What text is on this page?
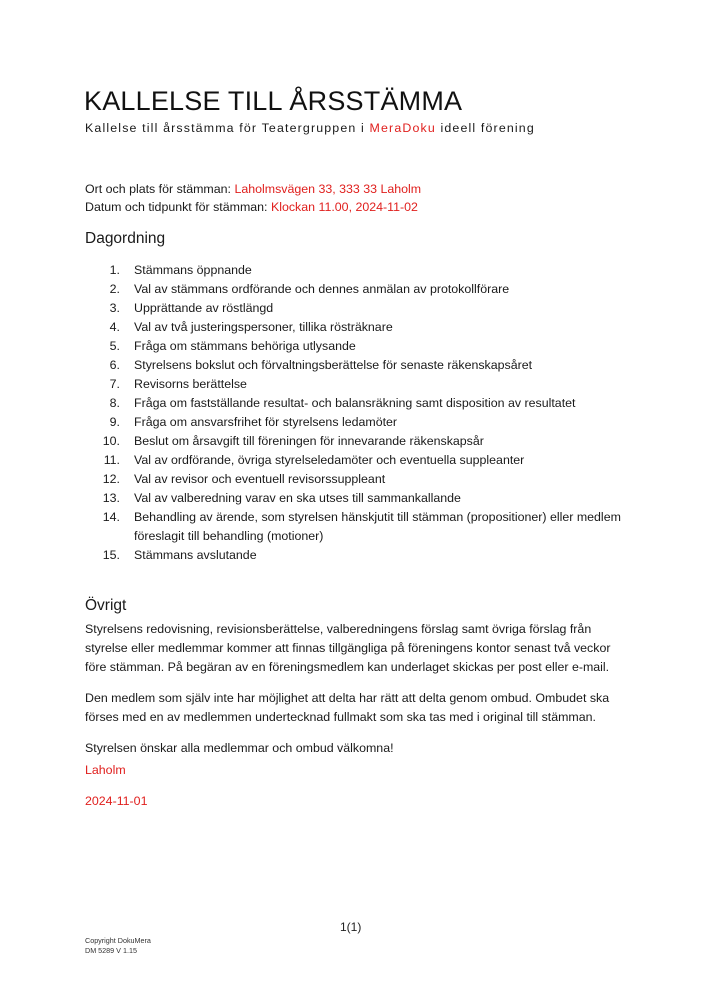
KALLELSE TILL ÅRSSTÄMMA

Kallelse till årsstämma för Teatergruppen i MeraDoku ideell förening

Ort och plats för stämman: Laholmsvägen 33, 333 33 Laholm
Datum och tidpunkt för stämman: Klockan 11.00, 2024-11-02
Dagordning
1. Stämmans öppnande
2. Val av stämmans ordförande och dennes anmälan av protokollförare
3. Upprättande av röstlängd
4. Val av två justeringspersoner, tillika rösträknare
5. Fråga om stämmans behöriga utlysande
6. Styrelsens bokslut och förvaltningsberättelse för senaste räkenskapsåret
7. Revisorns berättelse
8. Fråga om fastställande resultat- och balansräkning samt disposition av resultatet
9. Fråga om ansvarsfrihet för styrelsens ledamöter
10. Beslut om årsavgift till föreningen för innevarande räkenskapsår
11. Val av ordförande, övriga styrelseledamöter och eventuella suppleanter
12. Val av revisor och eventuell revisorssuppleant
13. Val av valberedning varav en ska utses till sammankallande
14. Behandling av ärende, som styrelsen hänskjutit till stämman (propositioner) eller medlem föreslagit till behandling (motioner)
15. Stämmans avslutande
Övrigt

Styrelsens redovisning, revisionsberättelse, valberedningens förslag samt övriga förslag från styrelse eller medlemmar kommer att finnas tillgängliga på föreningens kontor senast två veckor före stämman. På begäran av en föreningsmedlem kan underlaget skickas per post eller e-mail.

Den medlem som själv inte har möjlighet att delta har rätt att delta genom ombud. Ombudet ska förses med en av medlemmen undertecknad fullmakt som ska tas med i original till stämman.

Styrelsen önskar alla medlemmar och ombud välkomna!

Laholm
2024-11-01
1(1)
Copyright DokuMera
DM 5289 V 1.15
